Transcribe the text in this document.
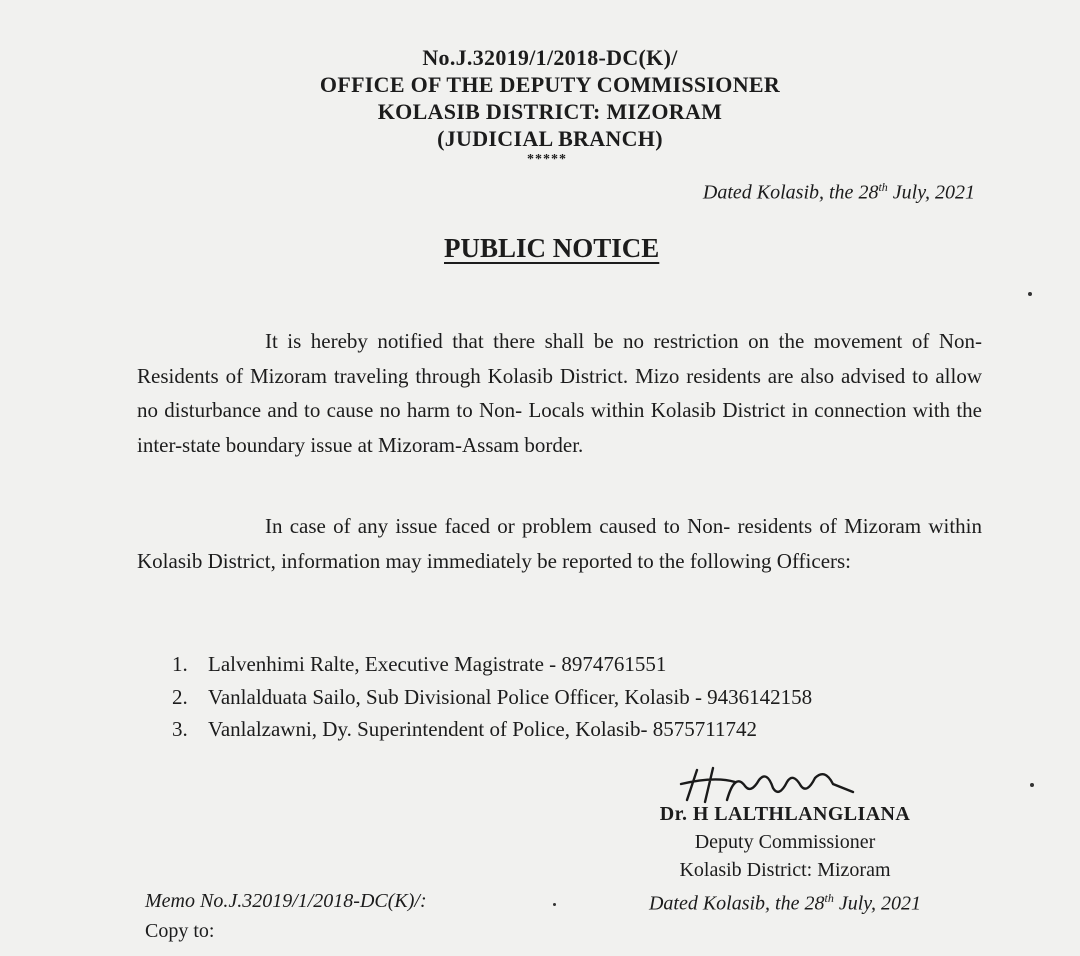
No.J.32019/1/2018-DC(K)/
OFFICE OF THE DEPUTY COMMISSIONER
KOLASIB DISTRICT: MIZORAM
(JUDICIAL BRANCH)
*****
Dated Kolasib, the 28th July, 2021
PUBLIC NOTICE

It is hereby notified that there shall be no restriction on the movement of Non-Residents of Mizoram traveling through Kolasib District. Mizo residents are also advised to allow no disturbance and to cause no harm to Non- Locals within Kolasib District in connection with the inter-state boundary issue at Mizoram-Assam border.

In case of any issue faced or problem caused to Non- residents of Mizoram within Kolasib District, information may immediately be reported to the following Officers:

1. Lalvenhimi Ralte, Executive Magistrate - 8974761551
2. Vanlalduata Sailo, Sub Divisional Police Officer, Kolasib - 9436142158
3. Vanlalzawni, Dy. Superintendent of Police, Kolasib- 8575711742
Dr. H LALTHLANGLIANA
Deputy Commissioner
Kolasib District: Mizoram
Dated Kolasib, the 28th July, 2021
Memo No.J.32019/1/2018-DC(K)/:
Copy to:
